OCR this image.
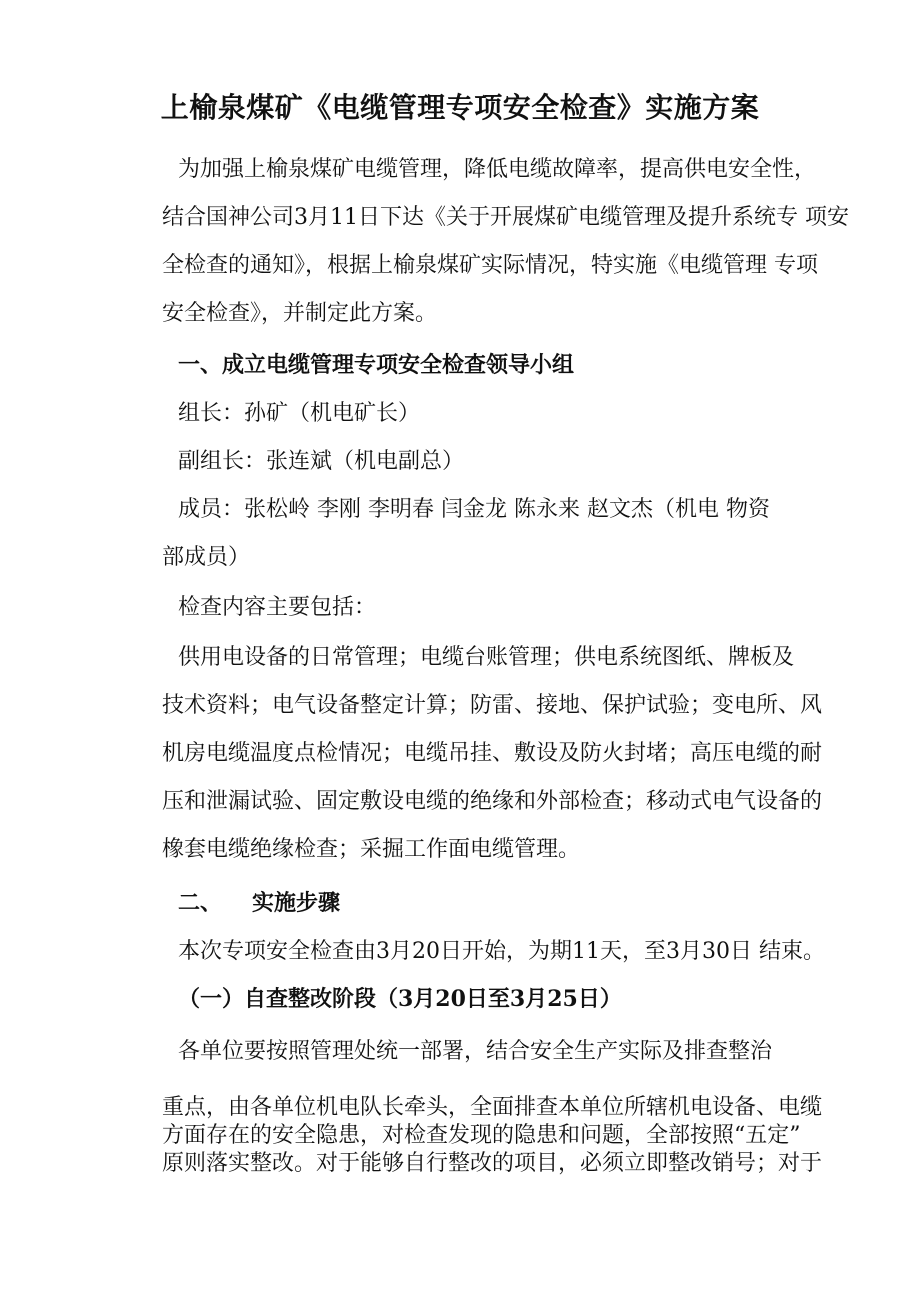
上榆泉煤矿《电缆管理专项安全检查》实施方案

为加强上榆泉煤矿电缆管理，降低电缆故障率，提高供电安全性，

结合国神公司3月11日下达《关于开展煤矿电缆管理及提升系统专 项安

全检查的通知》，根据上榆泉煤矿实际情况，特实施《电缆管理 专项

安全检查》，并制定此方案。

一、成立电缆管理专项安全检查领导小组

组长：孙矿（机电矿长）

副组长：张连斌（机电副总）

成员：张松岭 李刚 李明春 闫金龙 陈永来 赵文杰（机电 物资

部成员）

检查内容主要包括：

供用电设备的日常管理；电缆台账管理；供电系统图纸、牌板及

技术资料；电气设备整定计算；防雷、接地、保护试验；变电所、风

机房电缆温度点检情况；电缆吊挂、敷设及防火封堵；高压电缆的耐

压和泄漏试验、固定敷设电缆的绝缘和外部检查；移动式电气设备的

橡套电缆绝缘检查；采掘工作面电缆管理。

二、 实施步骤

本次专项安全检查由3月20日开始，为期11天，至3月30日 结束。

（一）自查整改阶段（3月20日至3月25日）

各单位要按照管理处统一部署，结合安全生产实际及排查整治

重点，由各单位机电队长牵头，全面排查本单位所辖机电设备、电缆

方面存在的安全隐患，对检查发现的隐患和问题，全部按照“五定”

原则落实整改。对于能够自行整改的项目，必须立即整改销号；对于
